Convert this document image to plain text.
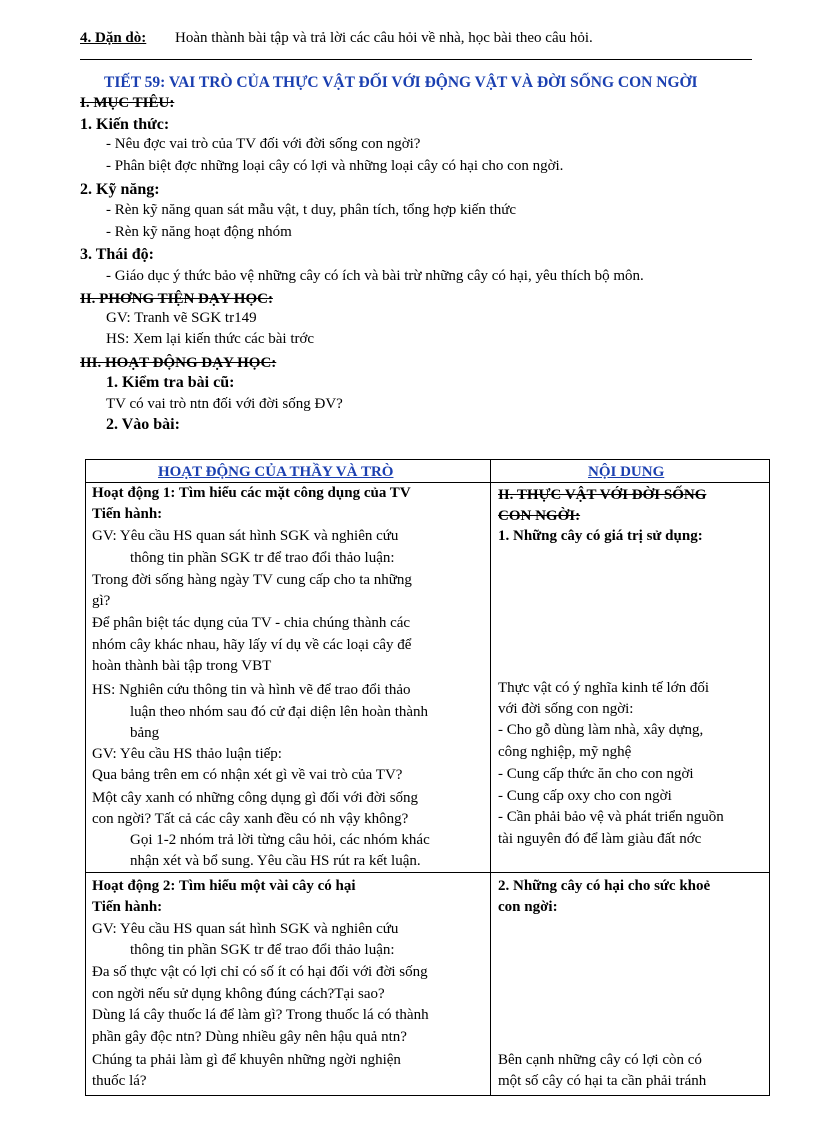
4. Dặn dò: Hoàn thành bài tập và trả lời các câu hỏi về nhà, học bài theo câu hỏi.
TIẾT 59: VAI TRÒ CỦA THỰC VẬT ĐỐI VỚI ĐỘNG VẬT VÀ ĐỜI SỐNG CON NGỜI
I. MỤC TIÊU:
1. Kiến thức:
- Nêu đợc vai trò của TV đối với đời sống con ngời?
- Phân biệt đợc những loại cây có lợi và những loại cây có hại cho con ngời.
2. Kỹ năng:
- Rèn kỹ năng quan sát mẫu vật, t duy, phân tích, tổng hợp kiến thức
- Rèn kỹ năng hoạt động nhóm
3. Thái độ:
- Giáo dục ý thức bảo vệ những cây có ích và bài trừ những cây có hại, yêu thích bộ môn.
II. PHƠNG TIỆN DẠY HỌC:
GV: Tranh vẽ SGK tr149
HS: Xem lại kiến thức các bài trớc
III. HOẠT ĐỘNG DẠY HỌC:
1. Kiểm tra bài cũ:
TV có vai trò ntn đối với đời sống ĐV?
2. Vào bài:
HOẠT ĐỘNG CỦA THẦY VÀ TRÒ	NỘI DUNG
Hoạt động 1: Tìm hiểu các mặt công dụng của TV
Tiến hành:
GV: Yêu cầu HS quan sát hình SGK và nghiên cứu
thông tin phần SGK tr để trao đổi thảo luận:
Trong đời sống hàng ngày TV cung cấp cho ta những
gì?
Để phân biệt tác dụng của TV - chia chúng thành các
nhóm cây khác nhau, hãy lấy ví dụ về các loại cây để
hoàn thành bài tập trong VBT
HS: Nghiên cứu thông tin và hình vẽ để trao đổi thảo
luận theo nhóm sau đó cử đại diện lên hoàn thành
bảng
GV: Yêu cầu HS thảo luận tiếp:
Qua bảng trên em có nhận xét gì về vai trò của TV?
Một cây xanh có những công dụng gì đối với đời sống
con ngời? Tất cả các cây xanh đều có nh vậy không?
Gọi 1-2 nhóm trả lời từng câu hỏi, các nhóm khác
nhận xét và bổ sung. Yêu cầu HS rút ra kết luận.
II. THỰC VẬT VỚI ĐỜI SỐNG
CON NGỜI:
1. Những cây có giá trị sử dụng:
Thực vật có ý nghĩa kinh tế lớn đối
với đời sống con ngời:
- Cho gỗ dùng làm nhà, xây dựng,
công nghiệp, mỹ nghệ
- Cung cấp thức ăn cho con ngời
- Cung cấp oxy cho con ngời
- Cần phải bảo vệ và phát triển nguồn
tài nguyên đó để làm giàu đất nớc
Hoạt động 2: Tìm hiểu một vài cây có hại
Tiến hành:
GV: Yêu cầu HS quan sát hình SGK và nghiên cứu
thông tin phần SGK tr để trao đổi thảo luận:
Đa số thực vật có lợi chỉ có số ít có hại đối với đời sống
con ngời nếu sử dụng không đúng cách?Tại sao?
Dùng lá cây thuốc lá để làm gì? Trong thuốc lá có thành
phần gây độc ntn? Dùng nhiều gây nên hậu quả ntn?
Chúng ta phải làm gì để khuyên những ngời nghiện
thuốc lá?
2. Những cây có hại cho sức khoẻ
con ngời:
Bên cạnh những cây có lợi còn có
một số cây có hại ta cần phải tránh
